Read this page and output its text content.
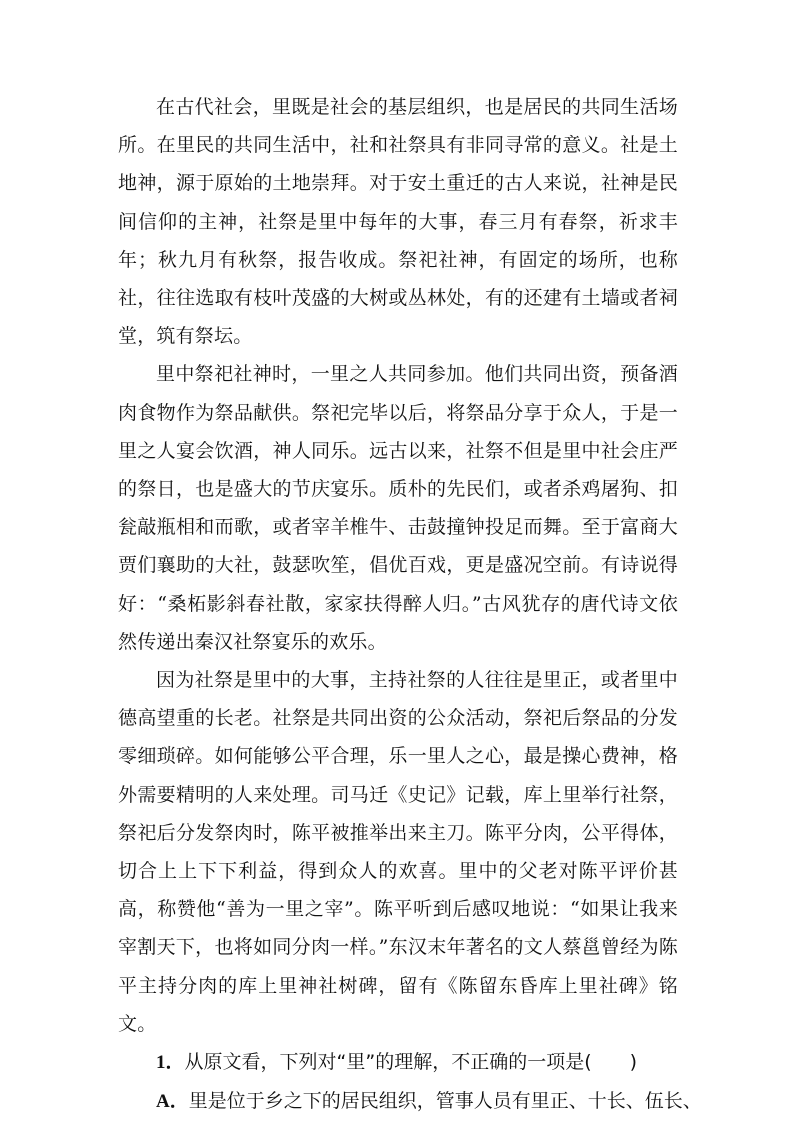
在古代社会，里既是社会的基层组织，也是居民的共同生活场所。在里民的共同生活中，社和社祭具有非同寻常的意义。社是土地神，源于原始的土地崇拜。对于安土重迁的古人来说，社神是民间信仰的主神，社祭是里中每年的大事，春三月有春祭，祈求丰年；秋九月有秋祭，报告收成。祭祀社神，有固定的场所，也称社，往往选取有枝叶茂盛的大树或丛林处，有的还建有土墙或者祠堂，筑有祭坛。

里中祭祀社神时，一里之人共同参加。他们共同出资，预备酒肉食物作为祭品献供。祭祀完毕以后，将祭品分享于众人，于是一里之人宴会饮酒，神人同乐。远古以来，社祭不但是里中社会庄严的祭日，也是盛大的节庆宴乐。质朴的先民们，或者杀鸡屠狗、扣瓮敲瓶相和而歌，或者宰羊椎牛、击鼓撞钟投足而舞。至于富商大贾们襄助的大社，鼓瑟吹笙，倡优百戏，更是盛况空前。有诗说得好：“桑柘影斜春社散，家家扶得醉人归。”古风犹存的唐代诗文依然传递出秦汉社祭宴乐的欢乐。

因为社祭是里中的大事，主持社祭的人往往是里正，或者里中德高望重的长老。社祭是共同出资的公众活动，祭祀后祭品的分发零细琐碎。如何能够公平合理，乐一里人之心，最是操心费神，格外需要精明的人来处理。司马迁《史记》记载，库上里举行社祭，祭祀后分发祭肉时，陈平被推举出来主刀。陈平分肉，公平得体，切合上上下下利益，得到众人的欢喜。里中的父老对陈平评价甚高，称赞他“善为一里之宰”。陈平听到后感叹地说：“如果让我来宰割天下，也将如同分肉一样。”东汉末年著名的文人蔡邕曾经为陈平主持分肉的库上里神社树碑，留有《陈留东昏库上里社碑》铭文。

1．从原文看，下列对“里”的理解，不正确的一项是(　　)

A．里是位于乡之下的居民组织，管事人员有里正、十长、伍长、
